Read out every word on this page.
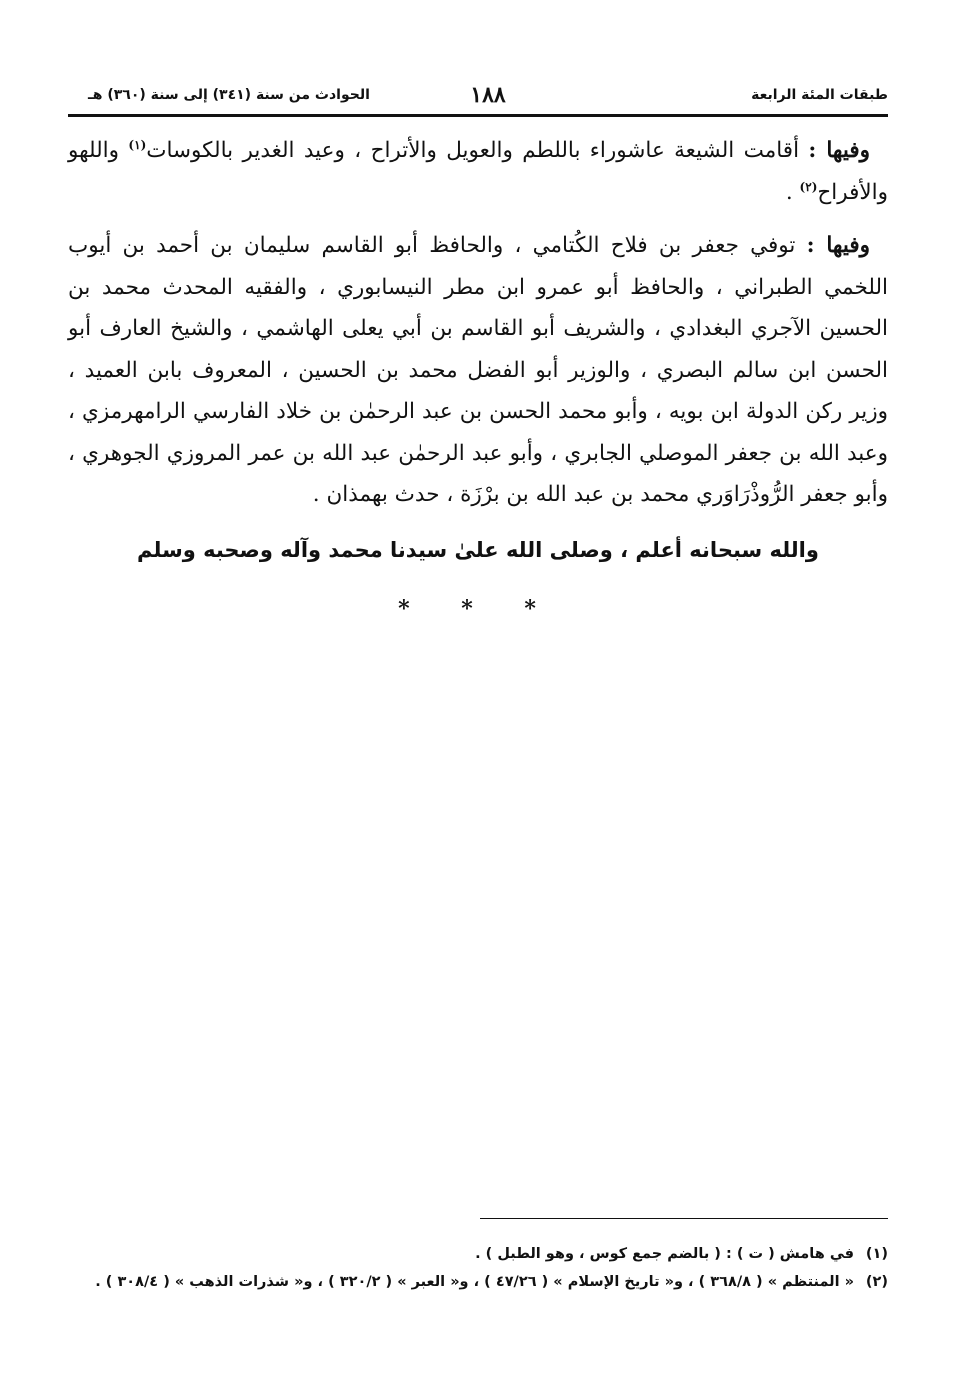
طبقات المئة الرابعة
١٨٨
الحوادث من سنة (٣٤١) إلى سنة (٣٦٠) هـ

وفيها : أقامت الشيعة عاشوراء باللطم والعويل والأتراح ، وعيد الغدير بالكوسات$^{(١)}$ واللهو والأفراح$^{(٢)}$ .

وفيها : توفي جعفر بن فلاح الكُتامي ، والحافظ أبو القاسم سليمان بن أحمد بن أيوب اللخمي الطبراني ، والحافظ أبو عمرو ابن مطر النيسابوري ، والفقيه المحدث محمد بن الحسين الآجري البغدادي ، والشريف أبو القاسم بن أبي يعلى الهاشمي ، والشيخ العارف أبو الحسن ابن سالم البصري ، والوزير أبو الفضل محمد بن الحسين ، المعروف بابن العميد ، وزير ركن الدولة ابن بويه ، وأبو محمد الحسن بن عبد الرحمٰن بن خلاد الفارسي الرامهرمزي ، وعبد الله بن جعفر الموصلي الجابري ، وأبو عبد الرحمٰن عبد الله بن عمر المروزي الجوهري ، وأبو جعفر الرُّوذْرَاوَري محمد بن عبد الله بن برْزَة ، حدث بهمذان .

والله سبحانه أعلم ، وصلى الله علىٰ سيدنا محمد وآله وصحبه وسلم
* * *
(١)
في هامش ( ت ) : ( بالضم جمع كوس ، وهو الطبل ) .
(٢)
« المنتظم » ( ٣٦٨/٨ ) ، و« تاريخ الإسلام » ( ٤٧/٢٦ ) ، و« العبر » ( ٣٢٠/٢ ) ، و« شذرات الذهب » ( ٣٠٨/٤ ) .
